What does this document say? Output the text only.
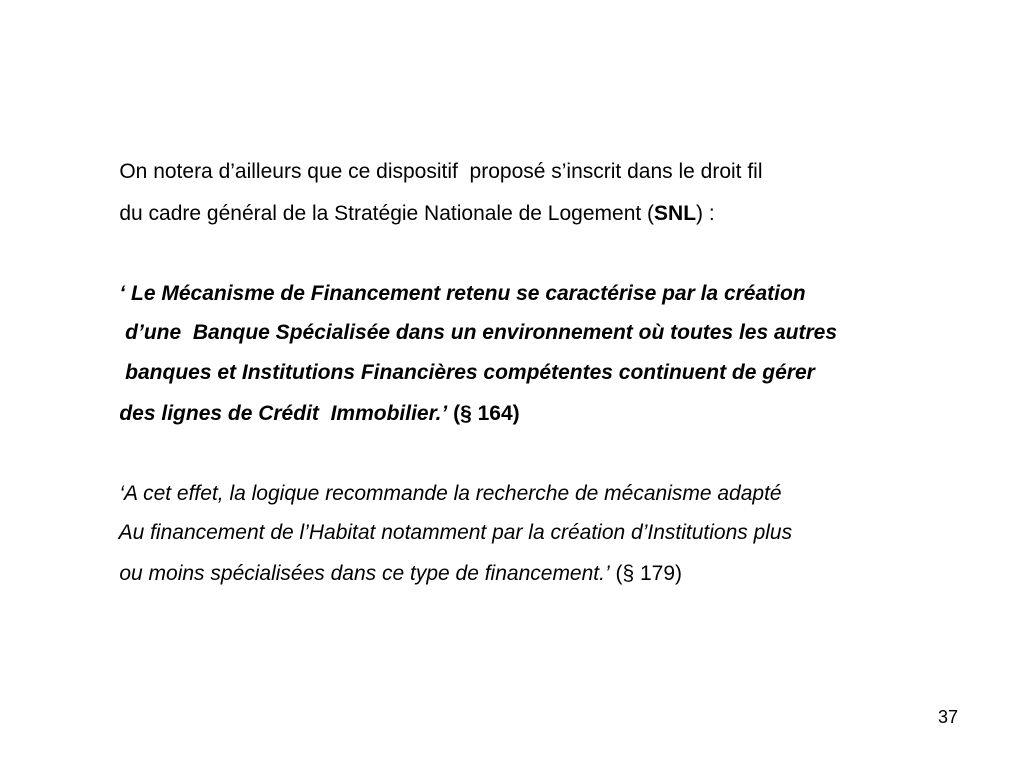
On notera d’ailleurs que ce dispositif  proposé s’inscrit dans le droit fil

du cadre général de la Stratégie Nationale de Logement (SNL) :

‘ Le Mécanisme de Financement retenu se caractérise par la création

d’une  Banque Spécialisée dans un environnement où toutes les autres

banques et Institutions Financières compétentes continuent de gérer

des lignes de Crédit  Immobilier.’ (§ 164)

‘A cet effet, la logique recommande la recherche de mécanisme adapté

Au financement de l’Habitat notamment par la création d’Institutions plus

ou moins spécialisées dans ce type de financement.’ (§ 179)

37
